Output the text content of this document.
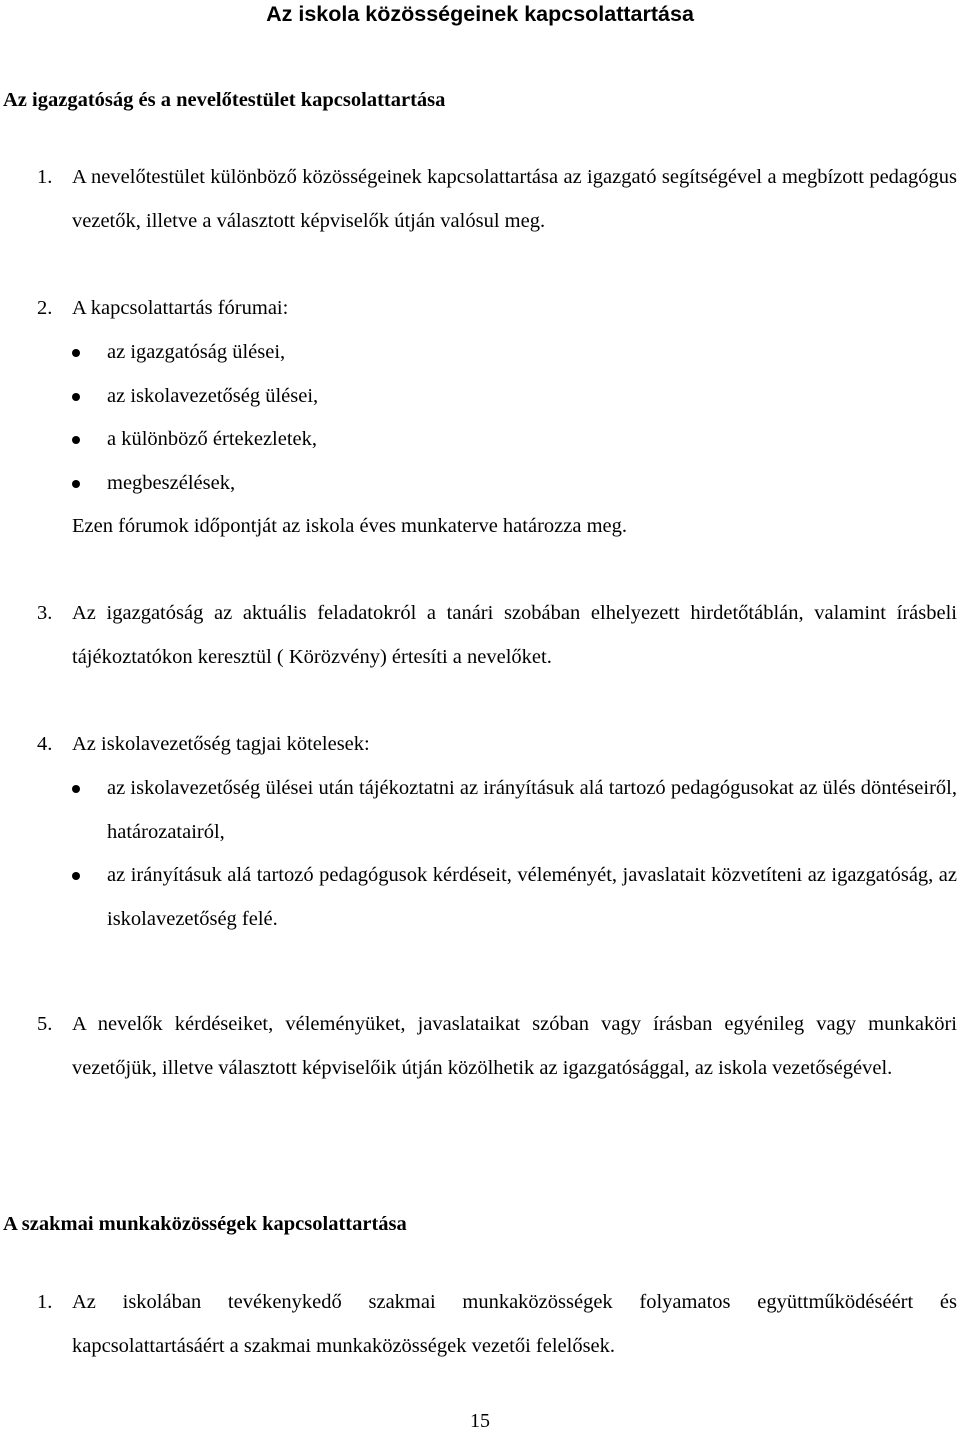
Az iskola közösségeinek kapcsolattartása
Az igazgatóság és a nevelőtestület kapcsolattartása
1. A nevelőtestület különböző közösségeinek kapcsolattartása az igazgató segítségével a megbízott pedagógus vezetők, illetve a választott képviselők útján valósul meg.
2. A kapcsolattartás fórumai:
az igazgatóság ülései,
az iskolavezetőség ülései,
a különböző értekezletek,
megbeszélések,

Ezen fórumok időpontját az iskola éves munkaterve határozza meg.

3. Az igazgatóság az aktuális feladatokról a tanári szobában elhelyezett hirdetőtáblán, valamint írásbeli tájékoztatókon keresztül ( Körözvény) értesíti a nevelőket.
4. Az iskolavezetőség tagjai kötelesek:
az iskolavezetőség ülései után tájékoztatni az irányításuk alá tartozó pedagógusokat az ülés döntéseiről, határozatairól,
az irányításuk alá tartozó pedagógusok kérdéseit, véleményét, javaslatait közvetíteni az igazgatóság, az iskolavezetőség felé.
5. A nevelők kérdéseiket, véleményüket, javaslataikat szóban vagy írásban egyénileg vagy munkaköri vezetőjük, illetve választott képviselőik útján közölhetik az igazgatósággal, az iskola vezetőségével.
A szakmai munkaközösségek kapcsolattartása
1. Az iskolában tevékenykedő szakmai munkaközösségek folyamatos együttműködéséért és kapcsolattartásáért a szakmai munkaközösségek vezetői felelősek.

15
